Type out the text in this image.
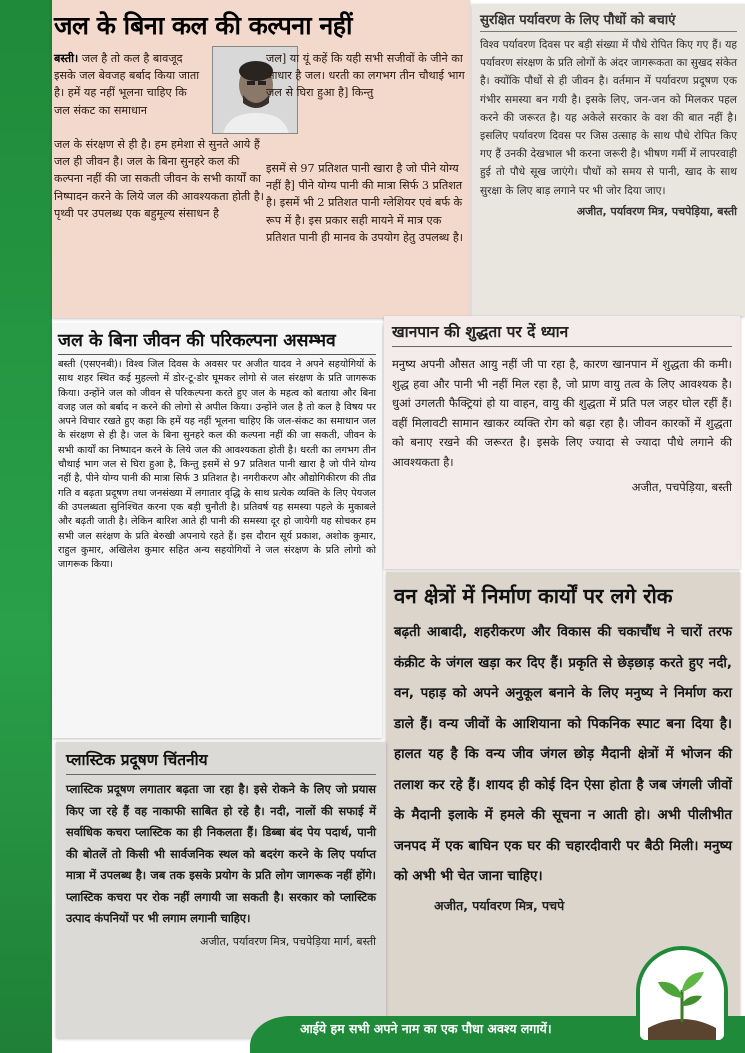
जल के बिना कल की कल्पना नहीं
बस्ती। जल है तो कल है बावजूद इसके जल बेवजह बर्बाद किया जाता है। हमें यह नहीं भूलना चाहिए कि जल संकट का समाधान
जल] या यूं कहें कि यही सभी सजीवों के जीने का आधार है जल। धरती का लगभग तीन चौथाई भाग जल से घिरा हुआ है] किन्तु
जल के संरक्षण से ही है। हम हमेशा से सुनते आये हैं जल ही जीवन है। जल के बिना सुनहरे कल की कल्पना नहीं की जा सकती जीवन के सभी कार्यों का निष्पादन करने के लिये जल की आवश्यकता होती है। पृथ्वी पर उपलब्ध एक बहुमूल्य संसाधन है
इसमें से 97 प्रतिशत पानी खारा है जो पीने योग्य नहीं है] पीने योग्य पानी की मात्रा सिर्फ 3 प्रतिशत है। इसमें भी 2 प्रतिशत पानी ग्लेशियर एवं बर्फ के रूप में है। इस प्रकार सही मायने में मात्र एक प्रतिशत पानी ही मानव के उपयोग हेतु उपलब्ध है।
सुरक्षित पर्यावरण के लिए पौधों को बचाएं

विश्व पर्यावरण दिवस पर बड़ी संख्या में पौधे रोपित किए गए हैं। यह पर्यावरण संरक्षण के प्रति लोगों के अंदर जागरूकता का सुखद संकेत है। क्योंकि पौधों से ही जीवन है। वर्तमान में पर्यावरण प्रदूषण एक गंभीर समस्या बन गयी है। इसके लिए, जन-जन को मिलकर पहल करने की जरूरत है। यह अकेले सरकार के वश की बात नहीं है। इसलिए पर्यावरण दिवस पर जिस उत्साह के साथ पौधे रोपित किए गए हैं उनकी देखभाल भी करना जरूरी है। भीषण गर्मी में लापरवाही हुई तो पौधे सूख जाएंगे। पौधों को समय से पानी, खाद के साथ सुरक्षा के लिए बाड़ लगाने पर भी जोर दिया जाए।

अजीत, पर्यावरण मित्र, पचपेड़िया, बस्ती
जल के बिना जीवन की परिकल्पना असम्भव

बस्ती (एसएनबी)। विश्व जिल दिवस के अवसर पर अजीत यादव ने अपने सहयोगियों के साथ शहर स्थित कई मुहल्लो में डोर-टू-डोर घूमकर लोगो से जल संरक्षण के प्रति जागरूक किया। उन्होंने जल को जीवन से परिकल्पना करते हुए जल के महत्व को बताया और बिना वजह जल को बर्बाद न करने की लोगो से अपील किया। उन्होंने जल है तो कल है विषय पर अपने विचार रखते हुए कहा कि हमें यह नहीं भूलना चाहिए कि जल-संकट का समाधान जल के संरक्षण से ही है। जल के बिना सुनहरे कल की कल्पना नहीं की जा सकती, जीवन के सभी कार्यों का निष्पादन करने के लिये जल की आवश्यकता होती है। धरती का लगभग तीन चौथाई भाग जल से घिरा हुआ है, किन्तु इसमें से 97 प्रतिशत पानी खारा है जो पीने योग्य नहीं है, पीने योग्य पानी की मात्रा सिर्फ 3 प्रतिशत है। नगरीकरण और औद्योगिकीरण की तीव्र गति व बढ़ता प्रदूषण तथा जनसंख्या में लगातार वृद्धि के साथ प्रत्येक व्यक्ति के लिए पेयजल की उपलब्धता सुनिश्चित करना एक बड़ी चुनौती है। प्रतिवर्ष यह समस्या पहले के मुकाबले और बढ़ती जाती है। लेकिन बारिश आते ही पानी की समस्या दूर हो जायेगी यह सोचकर हम सभी जल सरंक्षण के प्रति बेरुखी अपनाये रहते हैं। इस दौरान सूर्य प्रकाश, अशोक कुमार, राहुल कुमार, अखिलेश कुमार सहित अन्य सहयोगियों ने जल संरक्षण के प्रति लोगो को जागरूक किया।

खानपान की शुद्धता पर दें ध्यान

मनुष्य अपनी औसत आयु नहीं जी पा रहा है, कारण खानपान में शुद्धता की कमी। शुद्ध हवा और पानी भी नहीं मिल रहा है, जो प्राण वायु तत्व के लिए आवश्यक है। धुआं उगलती फैक्ट्रियां हो या वाहन, वायु की शुद्धता में प्रति पल जहर घोल रहीं हैं। वहीं मिलावटी सामान खाकर व्यक्ति रोग को बढ़ा रहा है। जीवन कारकों में शुद्धता को बनाए रखने की जरूरत है। इसके लिए ज्यादा से ज्यादा पौधे लगाने की आवश्यकता है।

अजीत, पचपेड़िया, बस्ती
वन क्षेत्रों में निर्माण कार्यों पर लगे रोक

बढ़ती आबादी, शहरीकरण और विकास की चकाचौंध ने चारों तरफ कंक्रीट के जंगल खड़ा कर दिए हैं। प्रकृति से छेड़छाड़ करते हुए नदी, वन, पहाड़ को अपने अनुकूल बनाने के लिए मनुष्य ने निर्माण करा डाले हैं। वन्य जीवों के आशियाना को पिकनिक स्पाट बना दिया है। हालत यह है कि वन्य जीव जंगल छोड़ मैदानी क्षेत्रों में भोजन की तलाश कर रहे हैं। शायद ही कोई दिन ऐसा होता है जब जंगली जीवों के मैदानी इलाके में हमले की सूचना न आती हो। अभी पीलीभीत जनपद में एक बाघिन एक घर की चहारदीवारी पर बैठी मिली। मनुष्य को अभी भी चेत जाना चाहिए।

अजीत, पर्यावरण मित्र, पचपे
प्लास्टिक प्रदूषण चिंतनीय

प्लास्टिक प्रदूषण लगातार बढ़ता जा रहा है। इसे रोकने के लिए जो प्रयास किए जा रहे हैं वह नाकाफी साबित हो रहे है। नदी, नालों की सफाई में सर्वाधिक कचरा प्लास्टिक का ही निकलता हैं। डिब्बा बंद पेय पदार्थ, पानी की बोतलें तो किसी भी सार्वजनिक स्थल को बदरंग करने के लिए पर्याप्त मात्रा में उपलब्ध है। जब तक इसके प्रयोग के प्रति लोग जागरूक नहीं होंगे। प्लास्टिक कचरा पर रोक नहीं लगायी जा सकती है। सरकार को प्लास्टिक उत्पाद कंपनियों पर भी लगाम लगानी चाहिए।

अजीत, पर्यावरण मित्र, पचपेड़िया मार्ग, बस्ती
आईये हम सभी अपने नाम का एक पौधा अवश्य लगायें।
